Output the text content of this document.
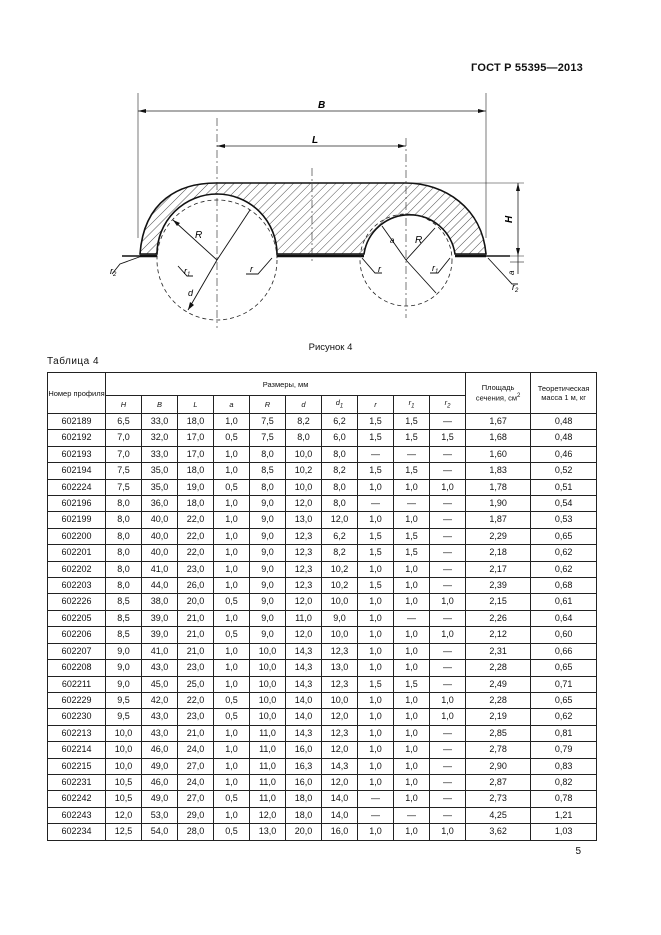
ГОСТ Р 55395—2013
B
L
H
a
R	R
a
d
$r_2$	$r_1$
r	r	$r_1$
$r_2$
Рисунок 4
Таблица 4
Номер профиля	Размеры, мм										Площадь сечения, $см^2$	Теоретическая масса 1 м, кг
	H	B	L	a	R	d	$d_1$	r	$r_1$	$r_2$
602189	6,5	33,0	18,0	1,0	7,5	8,2	6,2	1,5	1,5	—	1,67	0,48
602192	7,0	32,0	17,0	0,5	7,5	8,0	6,0	1,5	1,5	1,5	1,68	0,48
602193	7,0	33,0	17,0	1,0	8,0	10,0	8,0	—	—	—	1,60	0,46
602194	7,5	35,0	18,0	1,0	8,5	10,2	8,2	1,5	1,5	—	1,83	0,52
602224	7,5	35,0	19,0	0,5	8,0	10,0	8,0	1,0	1,0	1,0	1,78	0,51
602196	8,0	36,0	18,0	1,0	9,0	12,0	8,0	—	—	—	1,90	0,54
602199	8,0	40,0	22,0	1,0	9,0	13,0	12,0	1,0	1,0	—	1,87	0,53
602200	8,0	40,0	22,0	1,0	9,0	12,3	6,2	1,5	1,5	—	2,29	0,65
602201	8,0	40,0	22,0	1,0	9,0	12,3	8,2	1,5	1,5	—	2,18	0,62
602202	8,0	41,0	23,0	1,0	9,0	12,3	10,2	1,0	1,0	—	2,17	0,62
602203	8,0	44,0	26,0	1,0	9,0	12,3	10,2	1,5	1,0	—	2,39	0,68
602226	8,5	38,0	20,0	0,5	9,0	12,0	10,0	1,0	1,0	1,0	2,15	0,61
602205	8,5	39,0	21,0	1,0	9,0	11,0	9,0	1,0	—	—	2,26	0,64
602206	8,5	39,0	21,0	0,5	9,0	12,0	10,0	1,0	1,0	1,0	2,12	0,60
602207	9,0	41,0	21,0	1,0	10,0	14,3	12,3	1,0	1,0	—	2,31	0,66
602208	9,0	43,0	23,0	1,0	10,0	14,3	13,0	1,0	1,0	—	2,28	0,65
602211	9,0	45,0	25,0	1,0	10,0	14,3	12,3	1,5	1,5	—	2,49	0,71
602229	9,5	42,0	22,0	0,5	10,0	14,0	10,0	1,0	1,0	1,0	2,28	0,65
602230	9,5	43,0	23,0	0,5	10,0	14,0	12,0	1,0	1,0	1,0	2,19	0,62
602213	10,0	43,0	21,0	1,0	11,0	14,3	12,3	1,0	1,0	—	2,85	0,81
602214	10,0	46,0	24,0	1,0	11,0	16,0	12,0	1,0	1,0	—	2,78	0,79
602215	10,0	49,0	27,0	1,0	11,0	16,3	14,3	1,0	1,0	—	2,90	0,83
602231	10,5	46,0	24,0	1,0	11,0	16,0	12,0	1,0	1,0	—	2,87	0,82
602242	10,5	49,0	27,0	0,5	11,0	18,0	14,0	—	1,0	—	2,73	0,78
602243	12,0	53,0	29,0	1,0	12,0	18,0	14,0	—	—	—	4,25	1,21
602234	12,5	54,0	28,0	0,5	13,0	20,0	16,0	1,0	1,0	1,0	3,62	1,03
5
